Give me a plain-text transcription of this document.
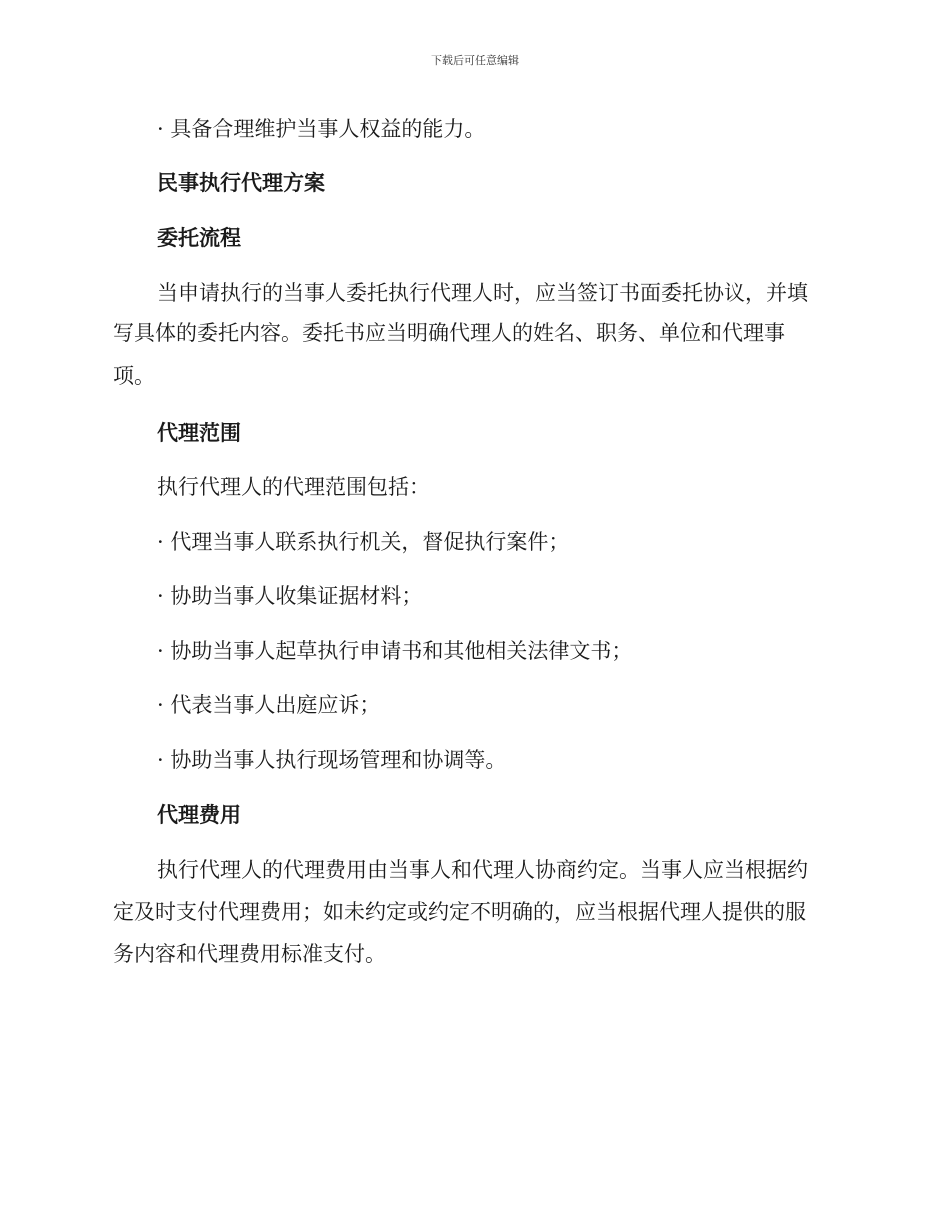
下载后可任意编辑
· 具备合理维护当事人权益的能力。
民事执行代理方案
委托流程
当申请执行的当事人委托执行代理人时，应当签订书面委托协议，并填
写具体的委托内容。委托书应当明确代理人的姓名、职务、单位和代理事
项。
代理范围
执行代理人的代理范围包括：
· 代理当事人联系执行机关，督促执行案件；
· 协助当事人收集证据材料；
· 协助当事人起草执行申请书和其他相关法律文书；
· 代表当事人出庭应诉；
· 协助当事人执行现场管理和协调等。
代理费用
执行代理人的代理费用由当事人和代理人协商约定。当事人应当根据约
定及时支付代理费用；如未约定或约定不明确的，应当根据代理人提供的服
务内容和代理费用标准支付。
